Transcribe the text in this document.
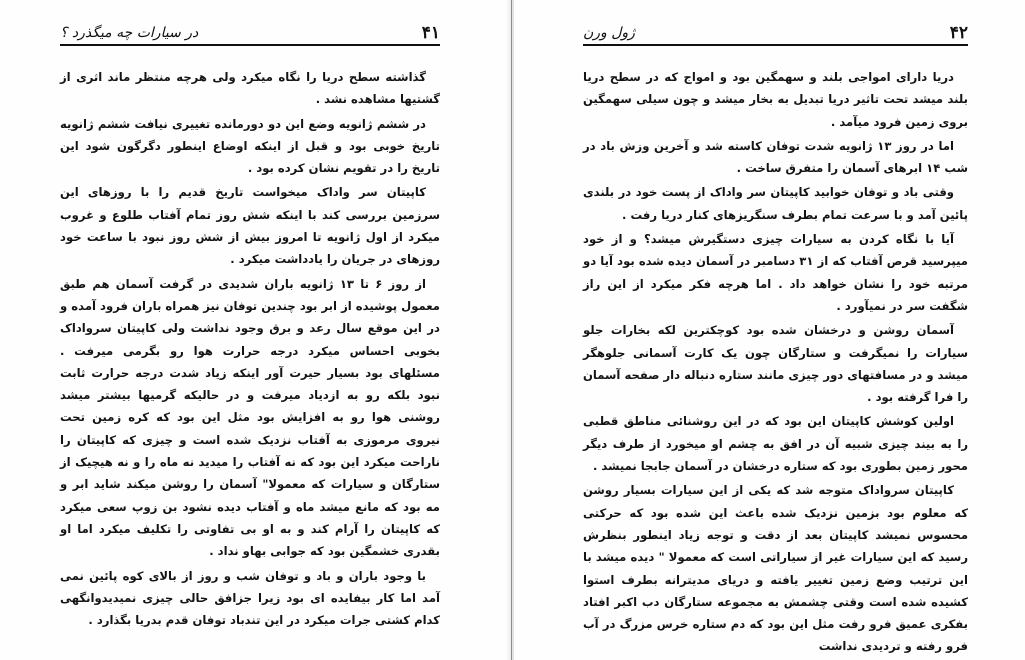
۴۱
در سیارات چه میگذرد ؟

گذاشته سطح دریا را نگاه میکرد ولی هرچه منتظر ماند اثری از گشتیها مشاهده نشد .

در ششم ژانویه وضع این دو دورمانده تغییری نیافت ششم ژانویه تاریخ خوبی بود و قبل از اینکه اوضاع اینطور دگرگون شود این تاریخ را در تقویم نشان کرده بود .

کاپیتان سر واداک میخواست تاریخ قدیم را با روزهای این سرزمین بررسی کند با اینکه شش روز تمام آفتاب طلوع و غروب میکرد از اول ژانویه تا امروز بیش از شش روز نبود با ساعت خود روزهای در جریان را یادداشت میکرد .

از روز ۶ تا ۱۳ ژانویه باران شدیدی در گرفت آسمان هم طبق معمول پوشیده از ابر بود چندین توفان نیز همراه باران فرود آمده و در این موقع سال رعد و برق وجود نداشت ولی کاپیتان سرواداک بخوبی احساس میکرد درجه حرارت هوا رو بگرمی میرفت . مسئلهای بود بسیار حیرت آور اینکه زیاد شدت درجه حرارت ثابت نبود بلکه رو به ازدیاد میرفت و در حالیکه گرمیها بیشتر میشد روشنی هوا رو به افزایش بود مثل این بود که کره زمین تحت نیروی مرموزی به آفتاب نزدیک شده است و چیزی که کاپیتان را ناراحت میکرد این بود که نه آفتاب را میدید نه ماه را و نه هیچیک از ستارگان و سیارات که معمولا" آسمان را روشن میکند شاید ابر و مه بود که مانع میشد ماه و آفتاب دیده نشود بن زوپ سعی میکرد که کاپیتان را آرام کند و به او بی تفاوتی را تکلیف میکرد اما او بقدری خشمگین بود که جوابی بهاو نداد .

با وجود باران و باد و توفان شب و روز از بالای کوه پائین نمی آمد اما کار بیفایده ای بود زیرا جزافق حالی چیزی نمیدیدوانگهی کدام کشتی جرات میکرد در این تندباد توفان قدم بدریا بگذارد .

۴۲
ژول ورن

دریا دارای امواجی بلند و سهمگین بود و امواج که در سطح دریا بلند میشد تحت تاثیر دریا تبدیل به بخار میشد و چون سیلی سهمگین بروی زمین فرود میآمد .

اما در روز ۱۳ ژانویه شدت توفان کاسته شد و آخرین وزش باد در شب ۱۴ ابرهای آسمان را متفرق ساخت .

وقتی باد و توفان خوابید کاپیتان سر واداک از پست خود در بلندی پائین آمد و با سرعت تمام بطرف سنگریزهای کنار دریا رفت .

آیا با نگاه کردن به سیارات چیزی دستگیرش میشد؟ و از خود میپرسید قرص آفتاب که از ۳۱ دسامبر در آسمان دیده شده بود آیا دو مرتبه خود را نشان خواهد داد . اما هرچه فکر میکرد از این راز شگفت سر در نمیآورد .

آسمان روشن و درخشان شده بود کوچکترین لکه بخارات جلو سیارات را نمیگرفت و ستارگان چون یک کارت آسمانی جلوهگر میشد و در مسافتهای دور چیزی مانند ستاره دنباله دار صفحه آسمان را فرا گرفته بود .

اولین کوشش کاپیتان این بود که در این روشنائی مناطق قطبی را به بیند چیزی شبیه آن در افق به چشم او میخورد از طرف دیگر محور زمین بطوری بود که ستاره درخشان در آسمان جابجا نمیشد .

کاپیتان سرواداک متوجه شد که یکی از این سیارات بسیار روشن که معلوم بود بزمین نزدیک شده باعث این شده بود که حرکتی محسوس نمیشد کاپیتان بعد از دقت و توجه زیاد اینطور بنظرش رسید که این سیارات غیر از سیاراتی است که معمولا " دیده میشد با این ترتیب وضع زمین تغییر یافته و دریای مدیترانه بطرف استوا کشیده شده است وقتی چشمش به مجموعه ستارگان دب اکبر افتاد بفکری عمیق فرو رفت مثل این بود که دم ستاره خرس مزرگ در آب فرو رفته و تردیدی نداشت
